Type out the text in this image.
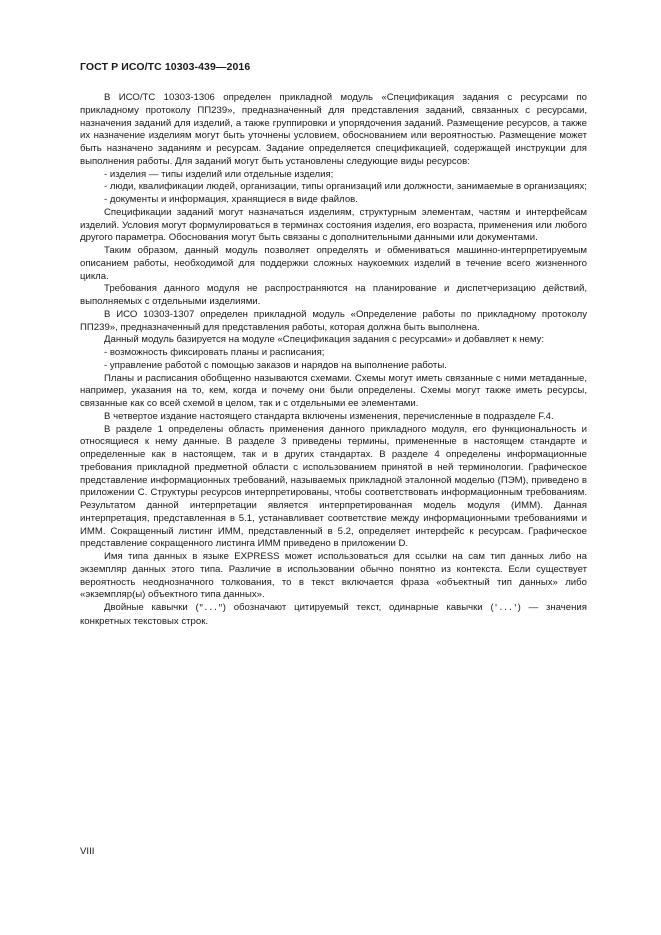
ГОСТ Р ИСО/ТС 10303-439—2016

В ИСО/ТС 10303-1306 определен прикладной модуль «Спецификация задания с ресурсами по прикладному протоколу ПП239», предназначенный для представления заданий, связанных с ресурсами, назначения заданий для изделий, а также группировки и упорядочения заданий. Размещение ресурсов, а также их назначение изделиям могут быть уточнены условием, обоснованием или вероятностью. Размещение может быть назначено заданиям и ресурсам. Задание определяется спецификацией, содержащей инструкции для выполнения работы. Для заданий могут быть установлены следующие виды ресурсов:

- изделия — типы изделий или отдельные изделия;

- люди, квалификации людей, организации, типы организаций или должности, занимаемые в организациях;

- документы и информация, хранящиеся в виде файлов.

Спецификации заданий могут назначаться изделиям, структурным элементам, частям и интерфейсам изделий. Условия могут формулироваться в терминах состояния изделия, его возраста, применения или любого другого параметра. Обоснования могут быть связаны с дополнительными данными или документами.

Таким образом, данный модуль позволяет определять и обмениваться машинно-интерпретируемым описанием работы, необходимой для поддержки сложных наукоемких изделий в течение всего жизненного цикла.

Требования данного модуля не распространяются на планирование и диспетчеризацию действий, выполняемых с отдельными изделиями.

В ИСО 10303-1307 определен прикладной модуль «Определение работы по прикладному протоколу ПП239», предназначенный для представления работы, которая должна быть выполнена.

Данный модуль базируется на модуле «Спецификация задания с ресурсами» и добавляет к нему:

- возможность фиксировать планы и расписания;

- управление работой с помощью заказов и нарядов на выполнение работы.

Планы и расписания обобщенно называются схемами. Схемы могут иметь связанные с ними метаданные, например, указания на то, кем, когда и почему они были определены. Схемы могут также иметь ресурсы, связанные как со всей схемой в целом, так и с отдельными ее элементами.

В четвертое издание настоящего стандарта включены изменения, перечисленные в подразделе F.4.

В разделе 1 определены область применения данного прикладного модуля, его функциональность и относящиеся к нему данные. В разделе 3 приведены термины, примененные в настоящем стандарте и определенные как в настоящем, так и в других стандартах. В разделе 4 определены информационные требования прикладной предметной области с использованием принятой в ней терминологии. Графическое представление информационных требований, называемых прикладной эталонной моделью (ПЭМ), приведено в приложении С. Структуры ресурсов интерпретированы, чтобы соответствовать информационным требованиям. Результатом данной интерпретации является интерпретированная модель модуля (ИММ). Данная интерпретация, представленная в 5.1, устанавливает соответствие между информационными требованиями и ИММ. Сокращенный листинг ИММ, представленный в 5.2, определяет интерфейс к ресурсам. Графическое представление сокращенного листинга ИММ приведено в приложении D.

Имя типа данных в языке EXPRESS может использоваться для ссылки на сам тип данных либо на экземпляр данных этого типа. Различие в использовании обычно понятно из контекста. Если существует вероятность неоднозначного толкования, то в текст включается фраза «объектный тип данных» либо «экземпляр(ы) объектного типа данных».

Двойные кавычки ("...") обозначают цитируемый текст, одинарные кавычки ('...') — значения конкретных текстовых строк.

VIII
